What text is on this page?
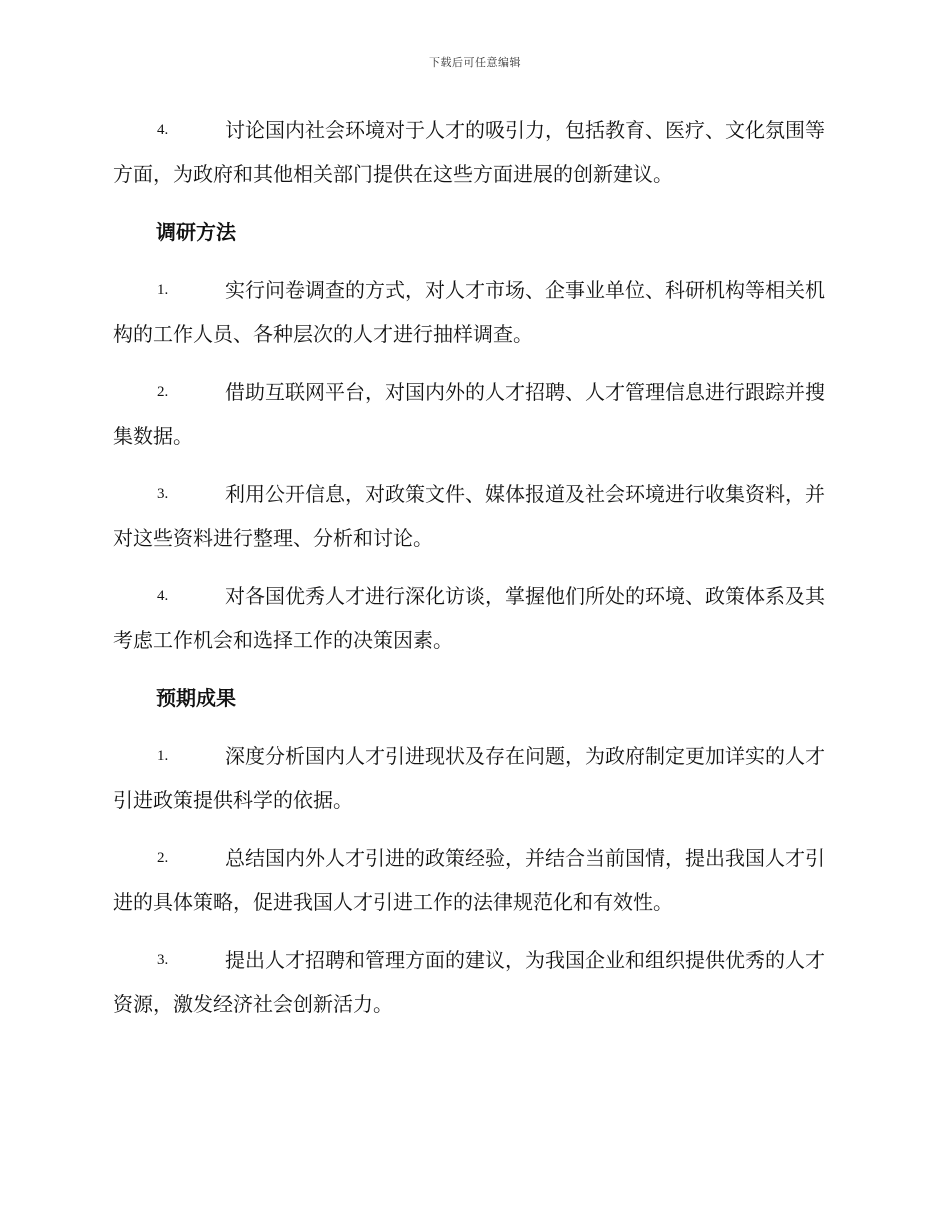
下载后可任意编辑

4.	讨论国内社会环境对于人才的吸引力，包括教育、医疗、文化氛围等方面，为政府和其他相关部门提供在这些方面进展的创新建议。

调研方法

1.	实行问卷调查的方式，对人才市场、企事业单位、科研机构等相关机构的工作人员、各种层次的人才进行抽样调查。

2.	借助互联网平台，对国内外的人才招聘、人才管理信息进行跟踪并搜集数据。

3.	利用公开信息，对政策文件、媒体报道及社会环境进行收集资料，并对这些资料进行整理、分析和讨论。

4.	对各国优秀人才进行深化访谈，掌握他们所处的环境、政策体系及其考虑工作机会和选择工作的决策因素。

预期成果

1.	深度分析国内人才引进现状及存在问题，为政府制定更加详实的人才引进政策提供科学的依据。

2.	总结国内外人才引进的政策经验，并结合当前国情，提出我国人才引进的具体策略，促进我国人才引进工作的法律规范化和有效性。

3.	提出人才招聘和管理方面的建议，为我国企业和组织提供优秀的人才资源，激发经济社会创新活力。
